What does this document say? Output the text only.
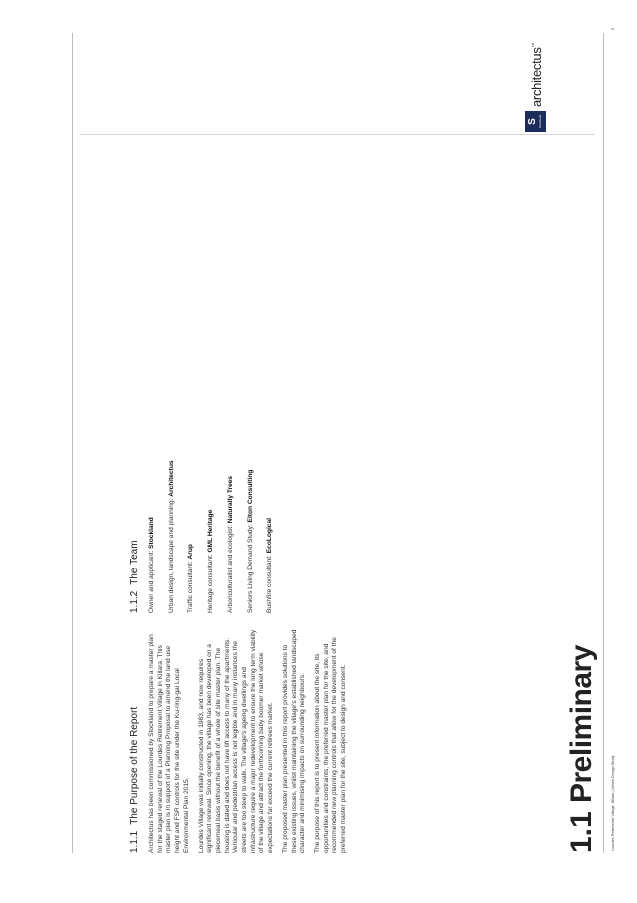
1.1
Preliminary
1.1.1The Purpose of the Report Architectus has been commissioned by Stockland to prepare a master plan for the staged renewal of the Lourdes Retirement Village in Killara. This master plan is in support of a Planning Proposal to amend the land use height and FSR controls for the site under the Ku-ring-gai Local Environmental Plan 2015. Lourdes Village was initially constructed in 1983, and now requires significant renewal. Since opening, the village has been developed on a piecemeal basis without the benefit of a whole of site master plan. The housing is dated and does not have lift access to many of the apartments. Vehicular and pedestrian access is not legible and in many instances the streets are too steep to walk. The village's ageing dwellings and infrastructure require a major redevelopment to ensure the long term viability of the village and attract the forthcoming baby boomer market whose expectations far exceed the current retirees market. The proposed master plan presented in this report provides solutions to these existing issues, whilst maintaining the village's established landscaped character and minimising impacts on surrounding neighbours. The purpose of this report is to present information about the site, its opportunities and constraints, the preferred master plan for the site, and recommended new planning controls that allow for the development of the preferred master plan for the site, subject to design and consent.

1.1.2The Team Owner and applicant: Stockland Urban design, landscape and planning: Architectus

Traffic consultant: Arup

Heritage consultant: GML Heritage Arboriculturalist and ecologist: Naturally Trees

Seniors Living Demand Study: Elton Consulting

Bushfire consultant: EcoLogical

Lourdes Retirement Village, Killara | Urban Design Study
5
S Stockland
architectus™
